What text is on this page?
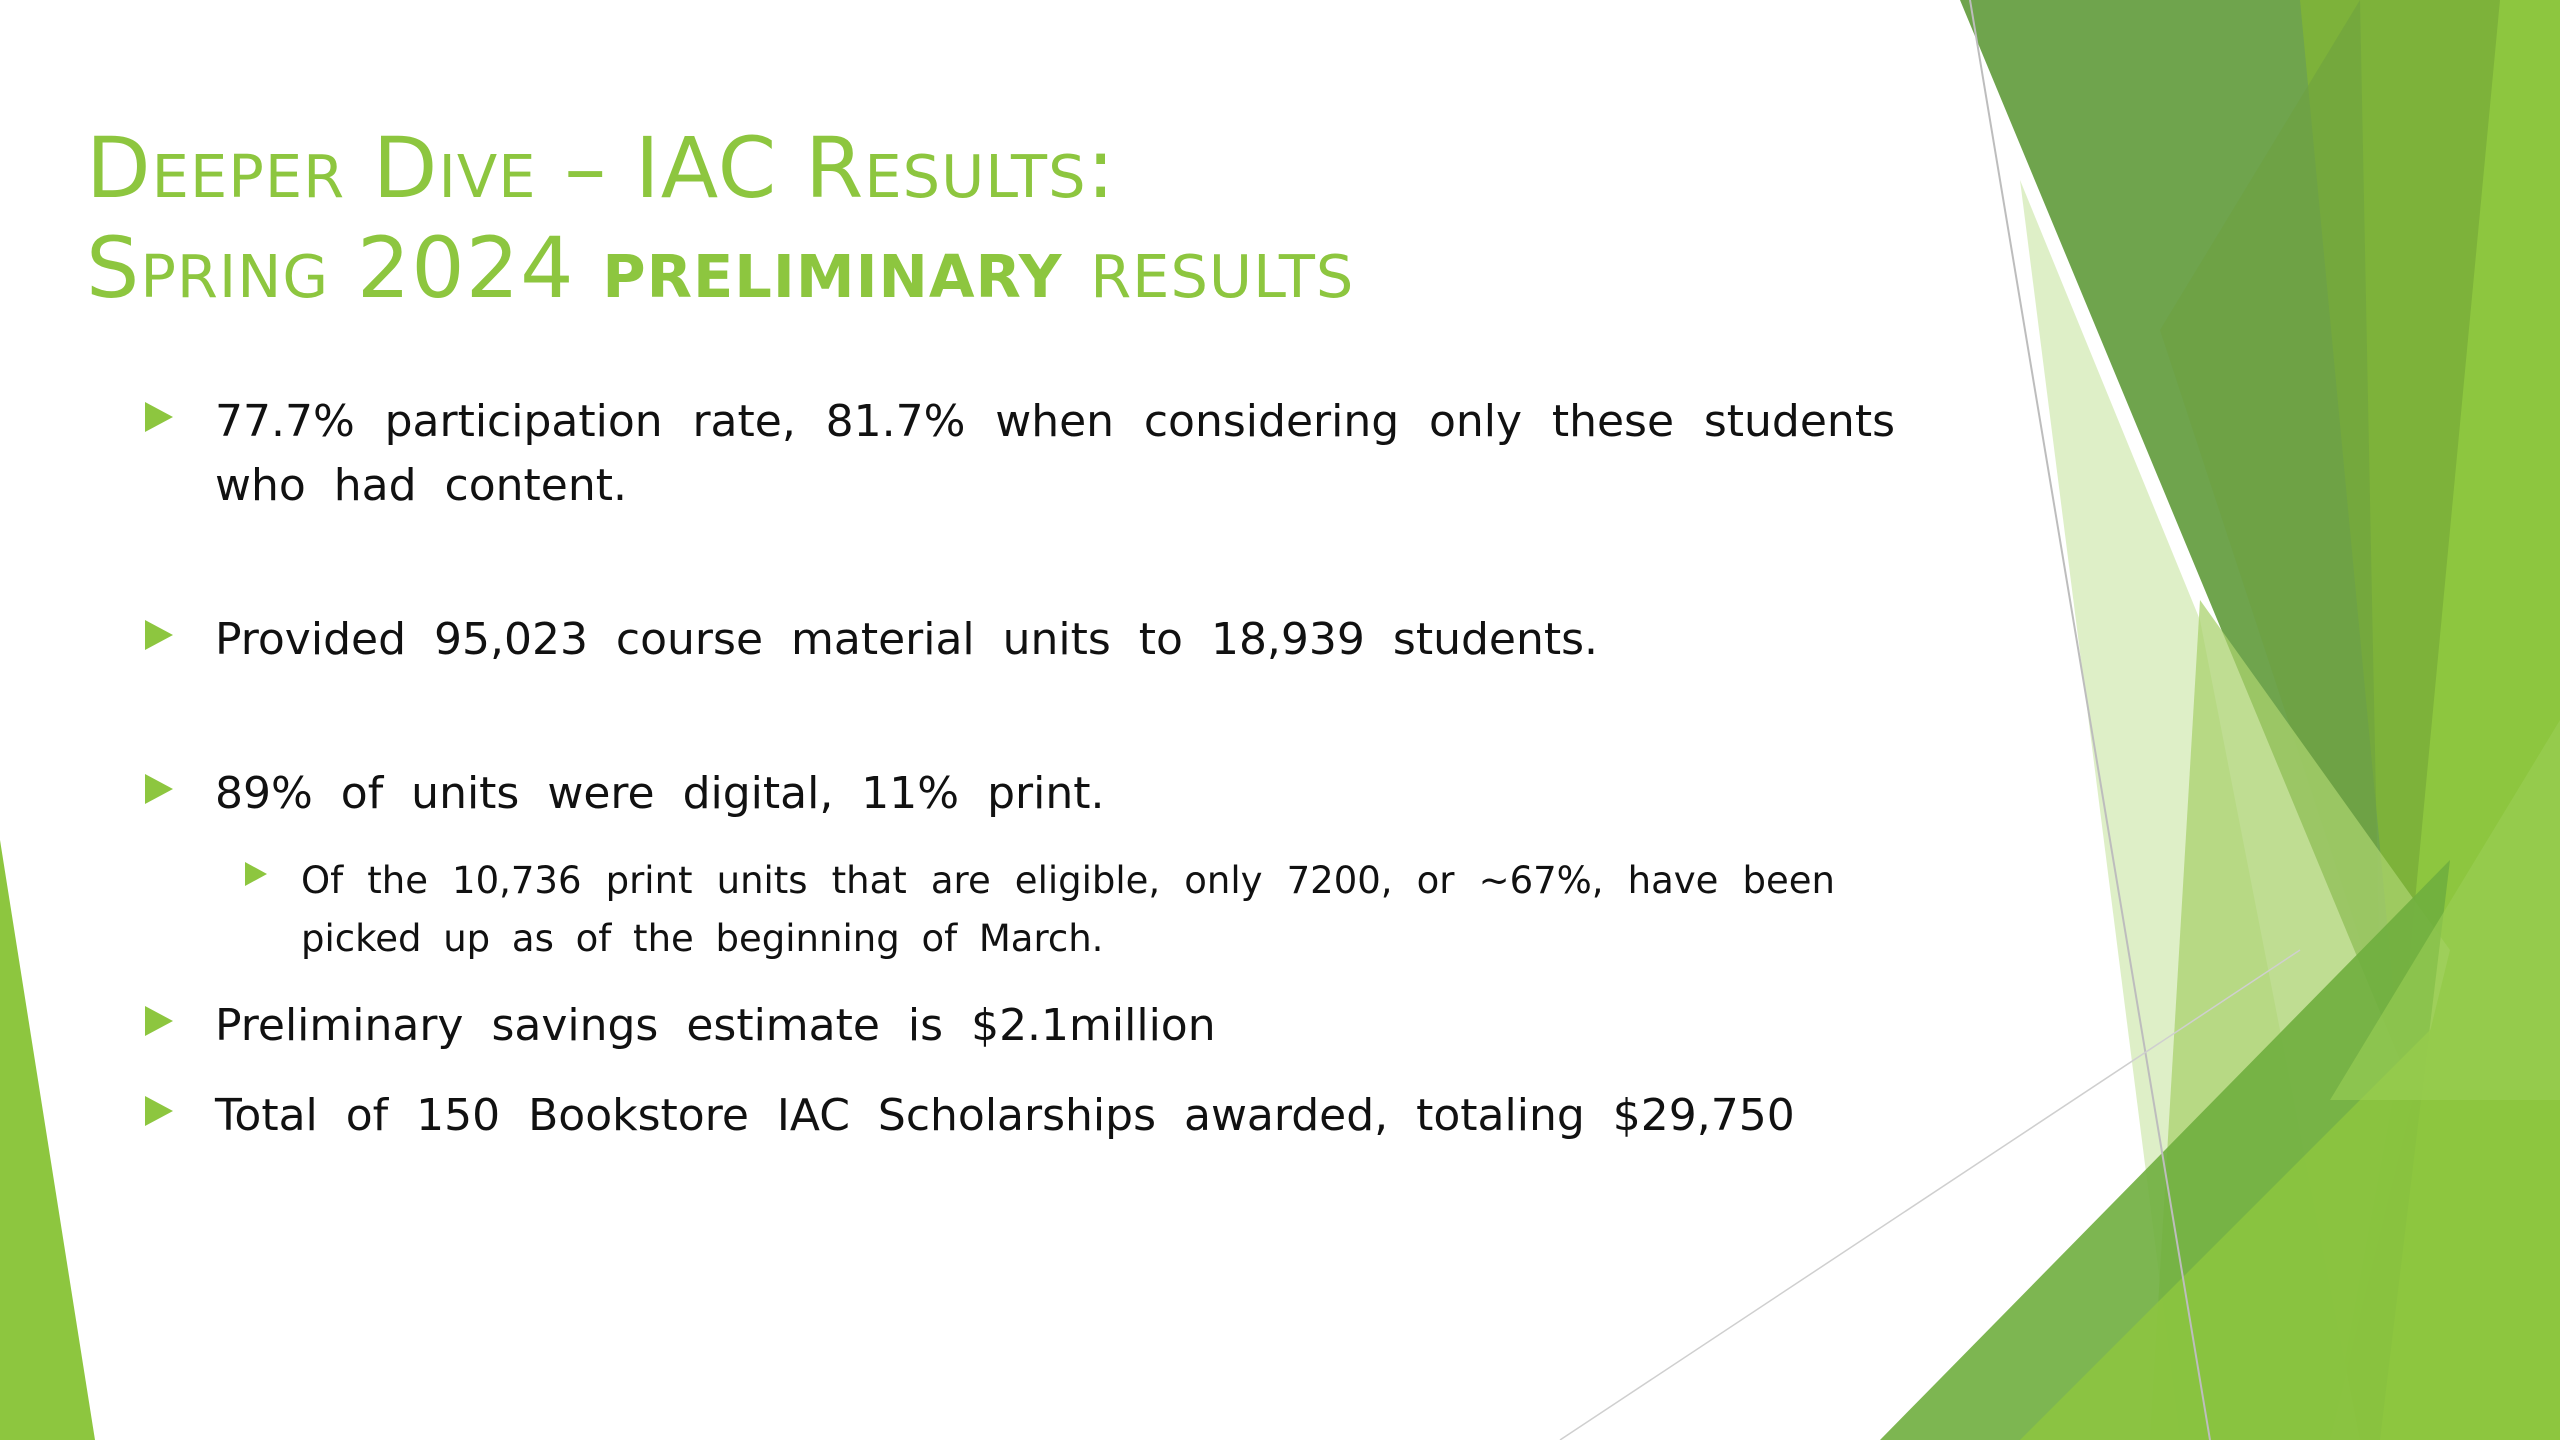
Deeper Dive – IAC Results:
Spring 2024 preliminary results
77.7% participation rate, 81.7% when considering only these students who had content.
Provided 95,023 course material units to 18,939 students.
89% of units were digital, 11% print.
Of the 10,736 print units that are eligible, only 7200, or ~67%, have been picked up as of the beginning of March.
Preliminary savings estimate is $2.1million
Total of 150 Bookstore IAC Scholarships awarded, totaling $29,750
